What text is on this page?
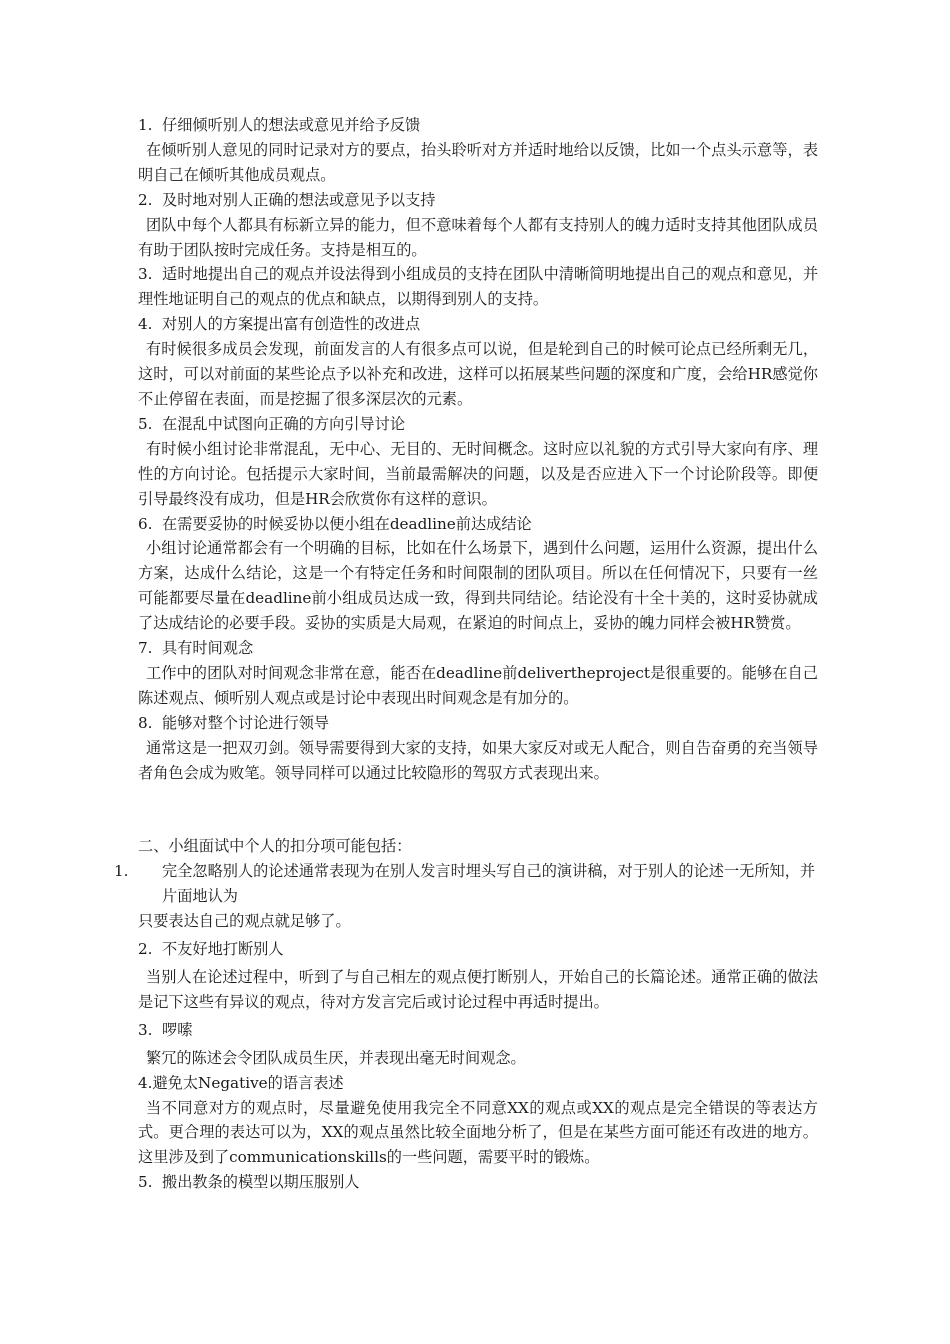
1. 仔细倾听别人的想法或意见并给予反馈
在倾听别人意见的同时记录对方的要点，抬头聆听对方并适时地给以反馈，比如一个点头示意等，表明自己在倾听其他成员观点。
2. 及时地对别人正确的想法或意见予以支持
团队中每个人都具有标新立异的能力，但不意味着每个人都有支持别人的魄力适时支持其他团队成员有助于团队按时完成任务。支持是相互的。
3. 适时地提出自己的观点并设法得到小组成员的支持在团队中清晰简明地提出自己的观点和意见，并理性地证明自己的观点的优点和缺点，以期得到别人的支持。
4. 对别人的方案提出富有创造性的改进点
有时候很多成员会发现，前面发言的人有很多点可以说，但是轮到自己的时候可论点已经所剩无几，这时，可以对前面的某些论点予以补充和改进，这样可以拓展某些问题的深度和广度，会给HR感觉你不止停留在表面，而是挖掘了很多深层次的元素。
5. 在混乱中试图向正确的方向引导讨论
有时候小组讨论非常混乱，无中心、无目的、无时间概念。这时应以礼貌的方式引导大家向有序、理性的方向讨论。包括提示大家时间，当前最需解决的问题，以及是否应进入下一个讨论阶段等。即便引导最终没有成功，但是HR会欣赏你有这样的意识。
6. 在需要妥协的时候妥协以便小组在deadline前达成结论
小组讨论通常都会有一个明确的目标，比如在什么场景下，遇到什么问题，运用什么资源，提出什么方案，达成什么结论，这是一个有特定任务和时间限制的团队项目。所以在任何情况下，只要有一丝可能都要尽量在deadline前小组成员达成一致，得到共同结论。结论没有十全十美的，这时妥协就成了达成结论的必要手段。妥协的实质是大局观，在紧迫的时间点上，妥协的魄力同样会被HR赞赏。
7. 具有时间观念
工作中的团队对时间观念非常在意，能否在deadline前delivertheproject是很重要的。能够在自己陈述观点、倾听别人观点或是讨论中表现出时间观念是有加分的。
8. 能够对整个讨论进行领导
通常这是一把双刃剑。领导需要得到大家的支持，如果大家反对或无人配合，则自告奋勇的充当领导者角色会成为败笔。领导同样可以通过比较隐形的驾驭方式表现出来。
二、小组面试中个人的扣分项可能包括：
1. 完全忽略别人的论述通常表现为在别人发言时埋头写自己的演讲稿，对于别人的论述一无所知，并片面地认为
只要表达自己的观点就足够了。
2. 不友好地打断别人
当别人在论述过程中，听到了与自己相左的观点便打断别人，开始自己的长篇论述。通常正确的做法是记下这些有异议的观点，待对方发言完后或讨论过程中再适时提出。
3. 啰嗦
繁冗的陈述会令团队成员生厌，并表现出毫无时间观念。
4.避免太Negative的语言表述
当不同意对方的观点时，尽量避免使用我完全不同意XX的观点或XX的观点是完全错误的等表达方式。更合理的表达可以为，XX的观点虽然比较全面地分析了，但是在某些方面可能还有改进的地方。这里涉及到了communicationskills的一些问题，需要平时的锻炼。
5. 搬出教条的模型以期压服别人
